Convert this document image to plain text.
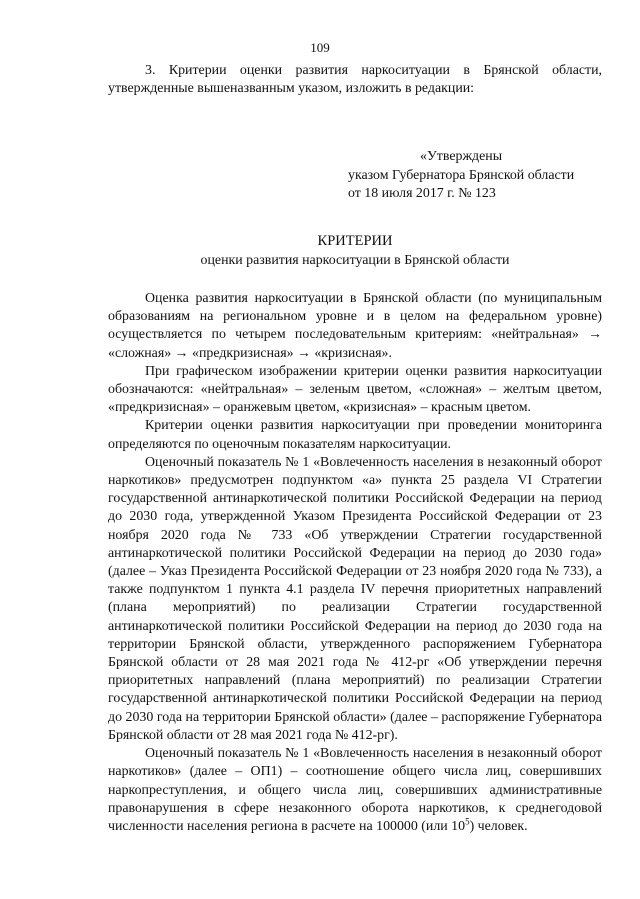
109

3. Критерии оценки развития наркоситуации в Брянской области, утвержденные вышеназванным указом, изложить в редакции:

«Утверждены
указом Губернатора Брянской области
от 18 июля 2017 г. № 123
КРИТЕРИИ
оценки развития наркоситуации в Брянской области

Оценка развития наркоситуации в Брянской области (по муниципальным образованиям на региональном уровне и в целом на федеральном уровне) осуществляется по четырем последовательным критериям: «нейтральная» → «сложная» → «предкризисная» → «кризисная».

При графическом изображении критерии оценки развития наркоситуации обозначаются: «нейтральная» – зеленым цветом, «сложная» – желтым цветом, «предкризисная» – оранжевым цветом, «кризисная» – красным цветом.

Критерии оценки развития наркоситуации при проведении мониторинга определяются по оценочным показателям наркоситуации.

Оценочный показатель № 1 «Вовлеченность населения в незаконный оборот наркотиков» предусмотрен подпунктом «а» пункта 25 раздела VI Стратегии государственной антинаркотической политики Российской Федерации на период до 2030 года, утвержденной Указом Президента Российской Федерации от 23 ноября 2020 года № 733 «Об утверждении Стратегии государственной антинаркотической политики Российской Федерации на период до 2030 года» (далее – Указ Президента Российской Федерации от 23 ноября 2020 года № 733), а также подпунктом 1 пункта 4.1 раздела IV перечня приоритетных направлений (плана мероприятий) по реализации Стратегии государственной антинаркотической политики Российской Федерации на период до 2030 года на территории Брянской области, утвержденного распоряжением Губернатора Брянской области от 28 мая 2021 года № 412-рг «Об утверждении перечня приоритетных направлений (плана мероприятий) по реализации Стратегии государственной антинаркотической политики Российской Федерации на период до 2030 года на территории Брянской области» (далее – распоряжение Губернатора Брянской области от 28 мая 2021 года № 412-рг).

Оценочный показатель № 1 «Вовлеченность населения в незаконный оборот наркотиков» (далее – ОП1) – соотношение общего числа лиц, совершивших наркопреступления, и общего числа лиц, совершивших административные правонарушения в сфере незаконного оборота наркотиков, к среднегодовой численности населения региона в расчете на 100000 (или $10^5$) человек.
